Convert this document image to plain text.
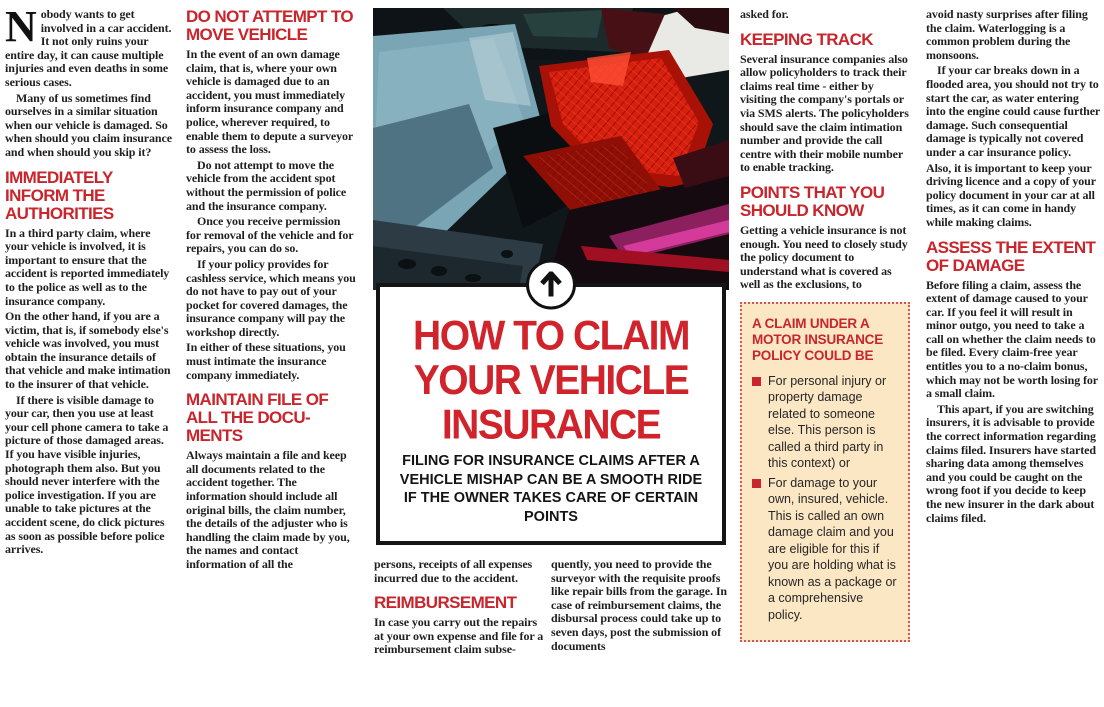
Nobody wants to get involved in a car accident. It not only ruins your entire day, it can cause multiple injuries and even deaths in some serious cases.

Many of us sometimes find ourselves in a similar situation when our vehicle is damaged. So when should you claim insurance and when should you skip it?

IMMEDIATELY INFORM THE AUTHORITIES

In a third party claim, where your vehicle is involved, it is important to ensure that the accident is reported immediately to the police as well as to the insurance company.

On the other hand, if you are a victim, that is, if somebody else's vehicle was involved, you must obtain the insurance details of that vehicle and make intimation to the insurer of that vehicle.

If there is visible damage to your car, then you use at least your cell phone camera to take a picture of those damaged areas. If you have visible injuries, photograph them also. But you should never interfere with the police investigation. If you are unable to take pictures at the accident scene, do click pictures as soon as possible before police arrives.

DO NOT ATTEMPT TO MOVE VEHICLE

In the event of an own damage claim, that is, where your own vehicle is damaged due to an accident, you must immediately inform insurance company and police, wherever required, to enable them to depute a surveyor to assess the loss.

Do not attempt to move the vehicle from the accident spot without the permission of police and the insurance company.

Once you receive permission for removal of the vehicle and for repairs, you can do so.

If your policy provides for cashless service, which means you do not have to pay out of your pocket for covered damages, the insurance company will pay the workshop directly.

In either of these situations, you must intimate the insurance company immediately.

MAINTAIN FILE OF ALL THE DOCU-MENTS

Always maintain a file and keep all documents related to the accident together. The information should include all original bills, the claim number, the details of the adjuster who is handling the claim made by you, the names and contact information of all the

HOW TO CLAIM YOUR VEHICLE INSURANCE
FILING FOR INSURANCE CLAIMS AFTER A VEHICLE MISHAP CAN BE A SMOOTH RIDE IF THE OWNER TAKES CARE OF CERTAIN POINTS

persons, receipts of all expenses incurred due to the accident.

REIMBURSEMENT

In case you carry out the repairs at your own expense and file for a reimbursement claim subse-

quently, you need to provide the surveyor with the requisite proofs like repair bills from the garage. In case of reimbursement claims, the disbursal process could take up to seven days, post the submission of documents

asked for.

KEEPING TRACK

Several insurance companies also allow policyholders to track their claims real time - either by visiting the company's portals or via SMS alerts. The policyholders should save the claim intimation number and provide the call centre with their mobile number to enable tracking.

POINTS THAT YOU SHOULD KNOW

Getting a vehicle insurance is not enough. You need to closely study the policy document to understand what is covered as well as the exclusions, to

A CLAIM UNDER A MOTOR INSURANCE POLICY COULD BE
For personal injury or property damage related to someone else. This person is called a third party in this context) or
For damage to your own, insured, vehicle. This is called an own damage claim and you are eligible for this if you are holding what is known as a package or a comprehensive policy.

avoid nasty surprises after filing the claim. Waterlogging is a common problem during the monsoons.

If your car breaks down in a flooded area, you should not try to start the car, as water entering into the engine could cause further damage. Such consequential damage is typically not covered under a car insurance policy.

Also, it is important to keep your driving licence and a copy of your policy document in your car at all times, as it can come in handy while making claims.

ASSESS THE EXTENT OF DAMAGE

Before filing a claim, assess the extent of damage caused to your car. If you feel it will result in minor outgo, you need to take a call on whether the claim needs to be filed. Every claim-free year entitles you to a no-claim bonus, which may not be worth losing for a small claim.

This apart, if you are switching insurers, it is advisable to provide the correct information regarding claims filed. Insurers have started sharing data among themselves and you could be caught on the wrong foot if you decide to keep the new insurer in the dark about claims filed.
